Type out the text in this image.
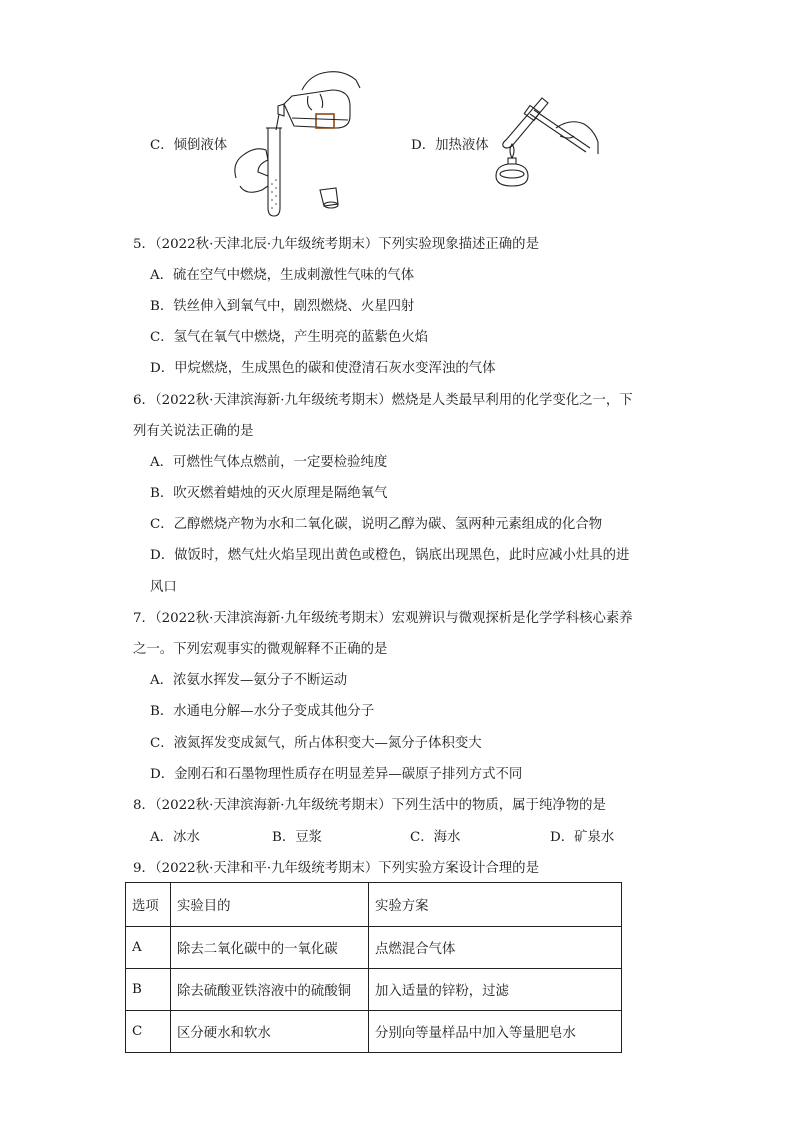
C．倾倒液体	D．加热液体
5．（2022秋·天津北辰·九年级统考期末）下列实验现象描述正确的是
A．硫在空气中燃烧，生成刺激性气味的气体
B．铁丝伸入到氧气中，剧烈燃烧、火星四射
C．氢气在氧气中燃烧，产生明亮的蓝紫色火焰
D．甲烷燃烧，生成黑色的碳和使澄清石灰水变浑浊的气体
6．（2022秋·天津滨海新·九年级统考期末）燃烧是人类最早利用的化学变化之一，下
列有关说法正确的是
A．可燃性气体点燃前，一定要检验纯度
B．吹灭燃着蜡烛的灭火原理是隔绝氧气
C．乙醇燃烧产物为水和二氧化碳，说明乙醇为碳、氢两种元素组成的化合物
D．做饭时，燃气灶火焰呈现出黄色或橙色，锅底出现黑色，此时应减小灶具的进
风口
7．（2022秋·天津滨海新·九年级统考期末）宏观辨识与微观探析是化学学科核心素养
之一。下列宏观事实的微观解释不正确的是
A．浓氨水挥发—氨分子不断运动
B．水通电分解—水分子变成其他分子
C．液氮挥发变成氮气，所占体积变大—氮分子体积变大
D．金刚石和石墨物理性质存在明显差异—碳原子排列方式不同
8．（2022秋·天津滨海新·九年级统考期末）下列生活中的物质，属于纯净物的是
A．冰水	B．豆浆	C．海水	D．矿泉水
9．（2022秋·天津和平·九年级统考期末）下列实验方案设计合理的是
选项	实验目的	实验方案
A	除去二氧化碳中的一氧化碳	点燃混合气体
B	除去硫酸亚铁溶液中的硫酸铜	加入适量的锌粉，过滤
C	区分硬水和软水	分别向等量样品中加入等量肥皂水
